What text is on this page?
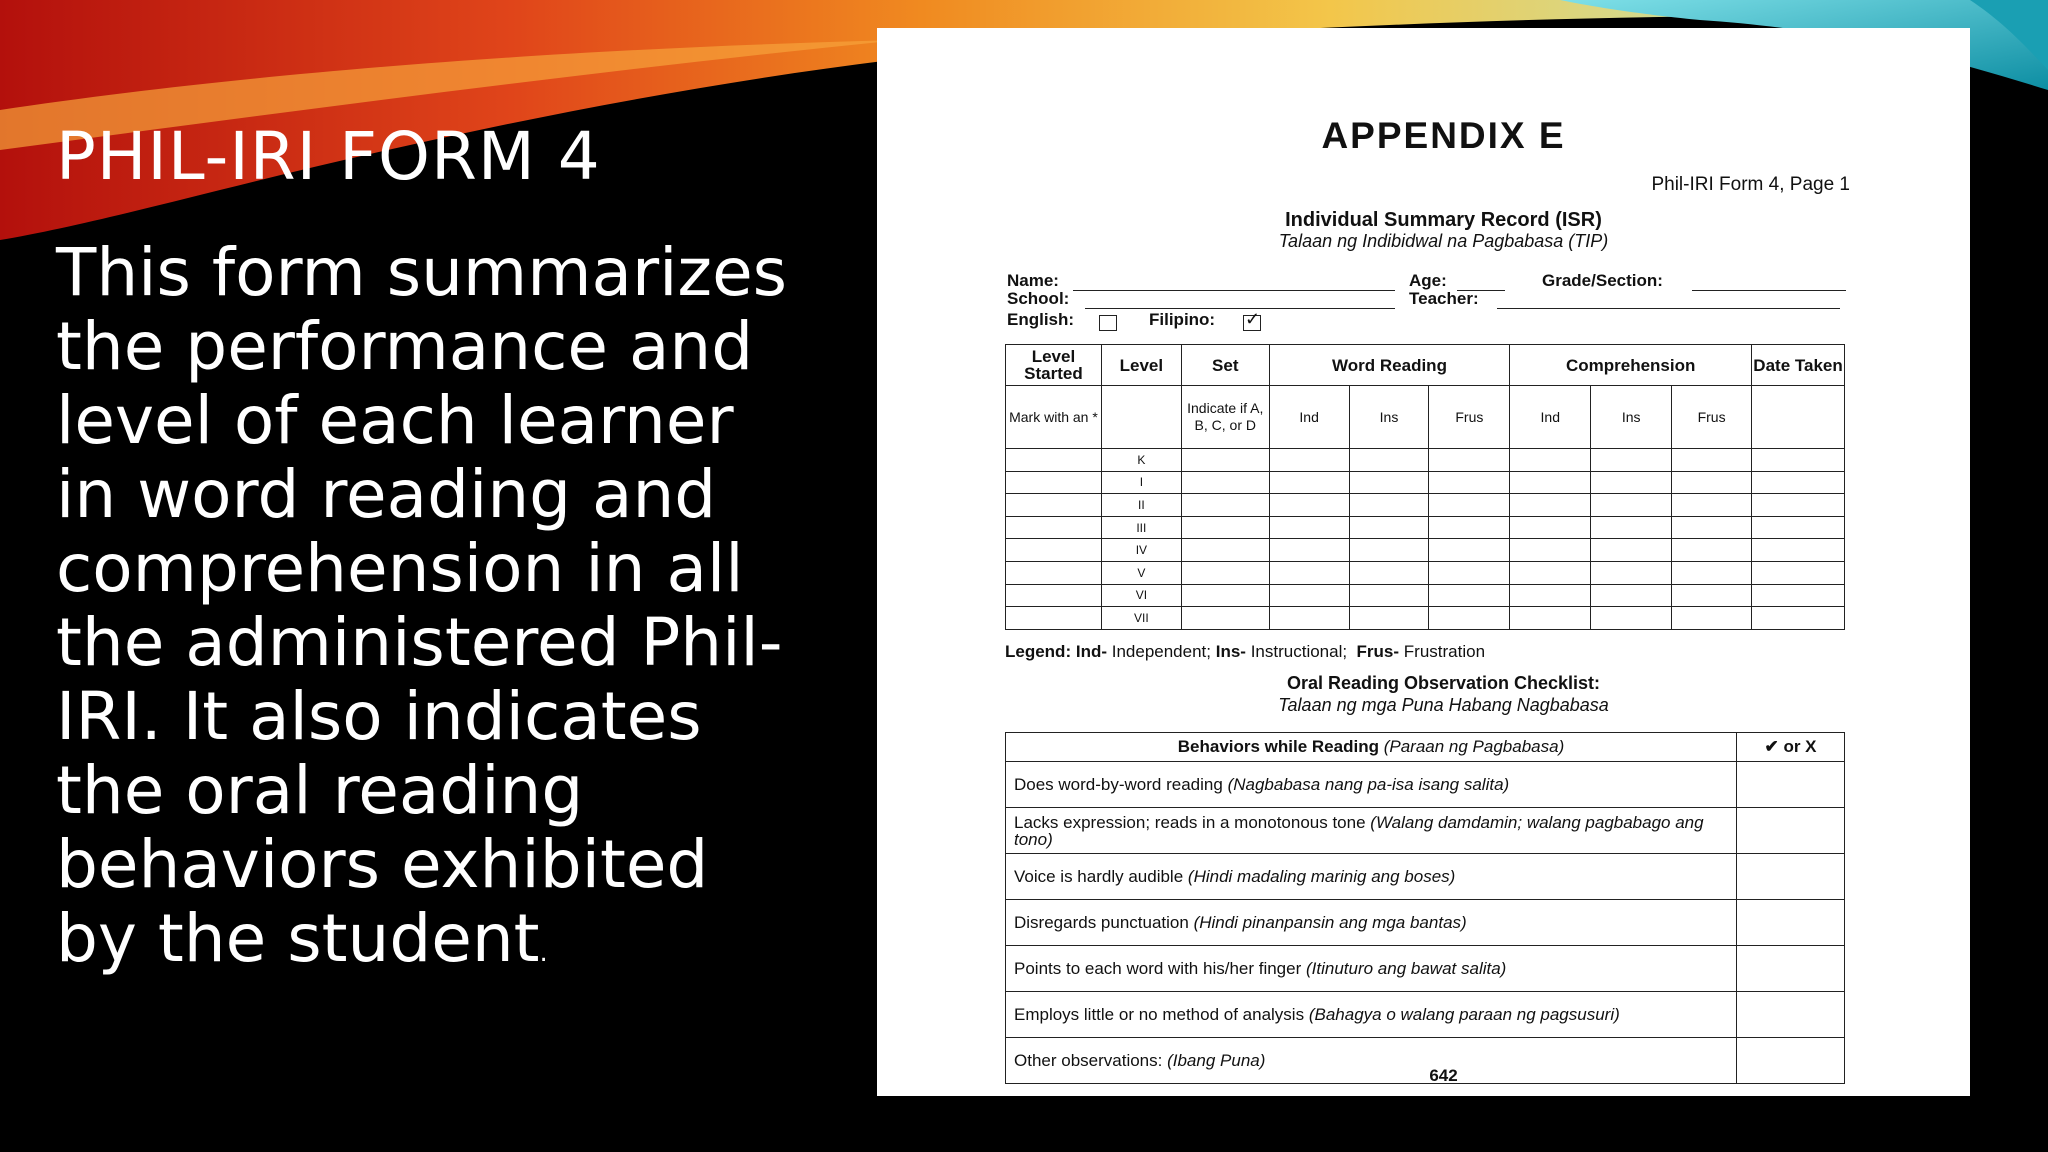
PHIL-IRI FORM 4
This form summarizes the performance and level of each learner in word reading and comprehension in all the administered Phil-IRI. It also indicates the oral reading behaviors exhibited by the student.
APPENDIX E
Phil-IRI Form 4, Page 1
Individual Summary Record (ISR)
Talaan ng Indibidwal na Pagbabasa (TIP)
Name:	Age:	Grade/Section:
School:	Teacher:
English:	Filipino: ✓
Level Started	Level	Set	Word Reading			Comprehension			Date Taken
Mark with an *		Indicate if A, B, C, or D	Ind	Ins	Frus	Ind	Ins	Frus	
	K								
	I								
	II								
	III								
	IV								
	V								
	VI								
	VII								
Legend: Ind- Independent; Ins- Instructional; Frus- Frustration
Oral Reading Observation Checklist:
Talaan ng mga Puna Habang Nagbabasa
Behaviors while Reading (Paraan ng Pagbabasa)	✔ or X
Does word-by-word reading (Nagbabasa nang pa-isa isang salita)	
Lacks expression; reads in a monotonous tone (Walang damdamin; walang pagbabago ang tono)	
Voice is hardly audible (Hindi madaling marinig ang boses)	
Disregards punctuation (Hindi pinanpansin ang mga bantas)	
Points to each word with his/her finger (Itinuturo ang bawat salita)	
Employs little or no method of analysis (Bahagya o walang paraan ng pagsusuri)	
Other observations: (Ibang Puna)	
642
